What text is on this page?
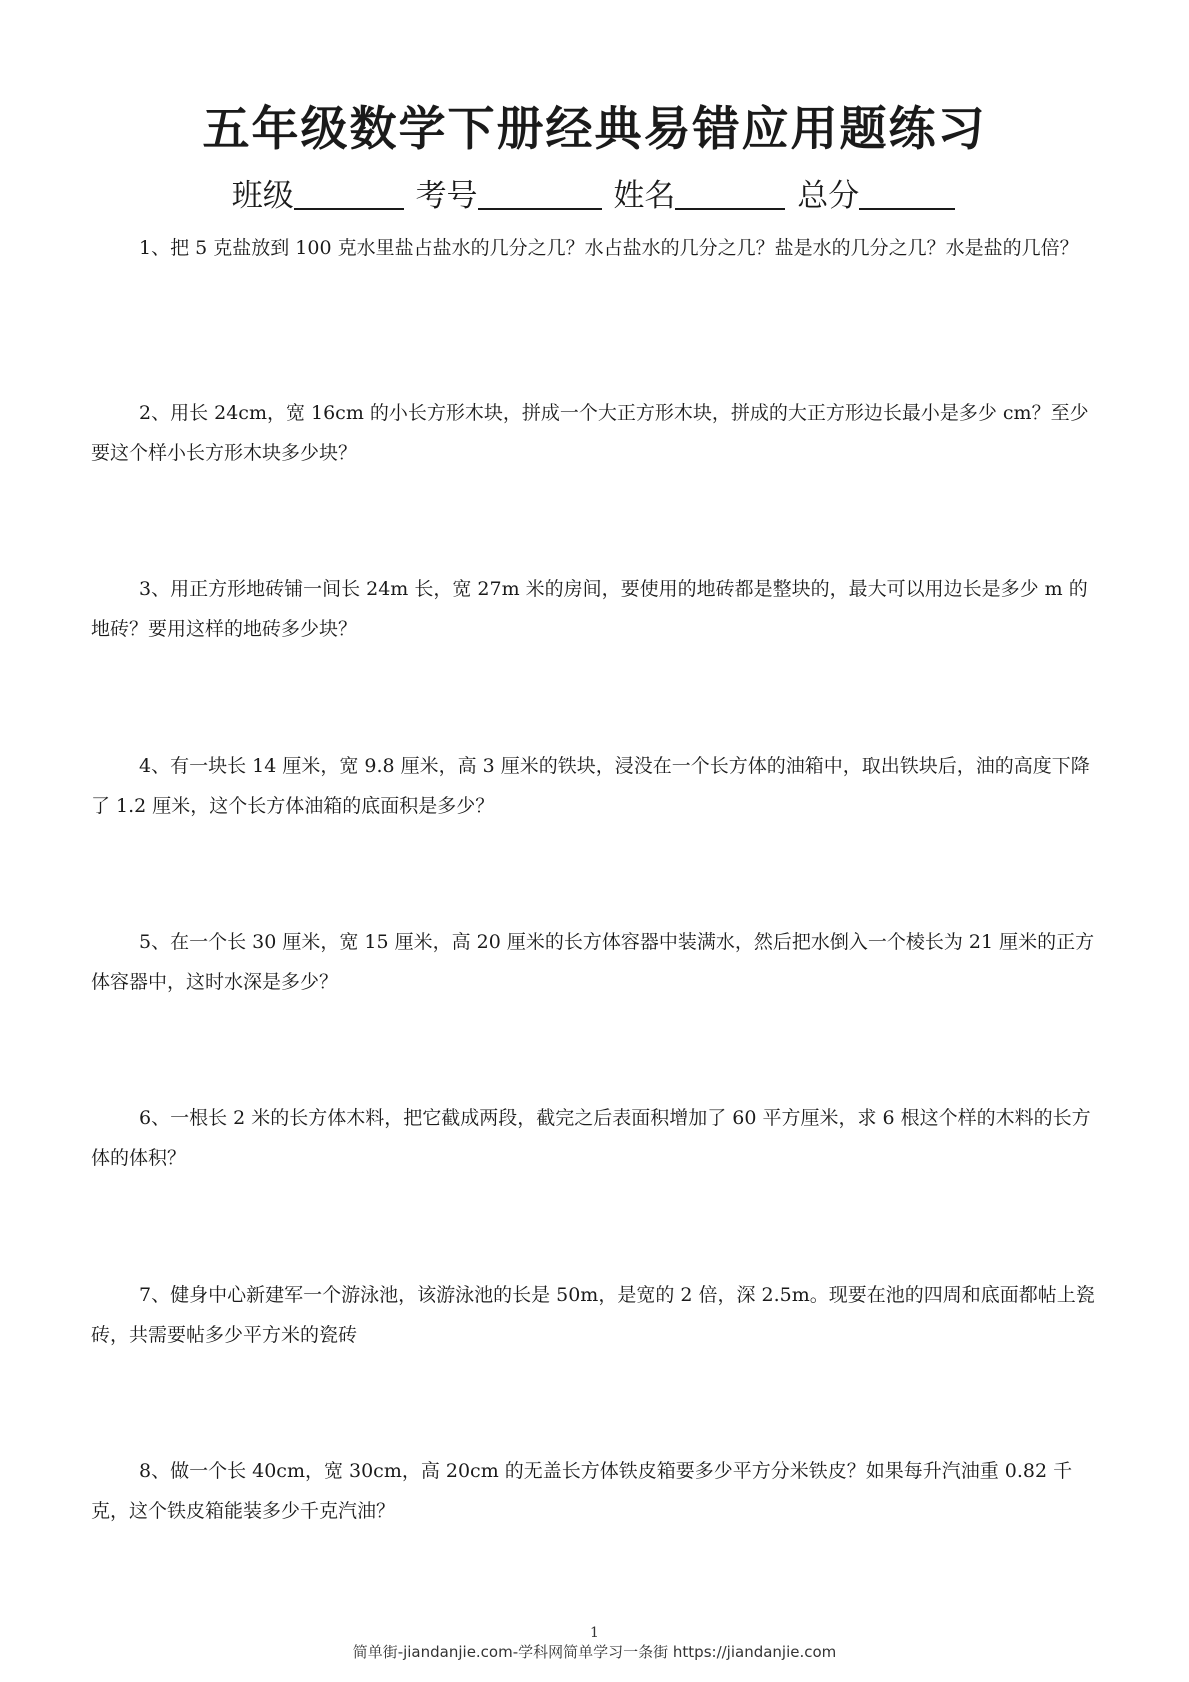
五年级数学下册经典易错应用题练习
班级	考号	姓名	总分

1、把 5 克盐放到 100 克水里盐占盐水的几分之几？水占盐水的几分之几？盐是水的几分之几？水是盐的几倍？

2、用长 24cm，宽 16cm 的小长方形木块，拼成一个大正方形木块，拼成的大正方形边长最小是多少 cm？至少要这个样小长方形木块多少块？

3、用正方形地砖铺一间长 24m 长，宽 27m 米的房间，要使用的地砖都是整块的，最大可以用边长是多少 m 的地砖？要用这样的地砖多少块？

4、有一块长 14 厘米，宽 9.8 厘米，高 3 厘米的铁块，浸没在一个长方体的油箱中，取出铁块后，油的高度下降了 1.2 厘米，这个长方体油箱的底面积是多少？

5、在一个长 30 厘米，宽 15 厘米，高 20 厘米的长方体容器中装满水，然后把水倒入一个棱长为 21 厘米的正方体容器中，这时水深是多少？

6、一根长 2 米的长方体木料，把它截成两段，截完之后表面积增加了 60 平方厘米，求 6 根这个样的木料的长方体的体积？

7、健身中心新建军一个游泳池，该游泳池的长是 50m，是宽的 2 倍，深 2.5m。现要在池的四周和底面都帖上瓷砖，共需要帖多少平方米的瓷砖

8、做一个长 40cm，宽 30cm，高 20cm 的无盖长方体铁皮箱要多少平方分米铁皮？如果每升汽油重 0.82 千克，这个铁皮箱能装多少千克汽油？

1
简单街-jiandanjie.com-学科网简单学习一条街 https://jiandanjie.com
